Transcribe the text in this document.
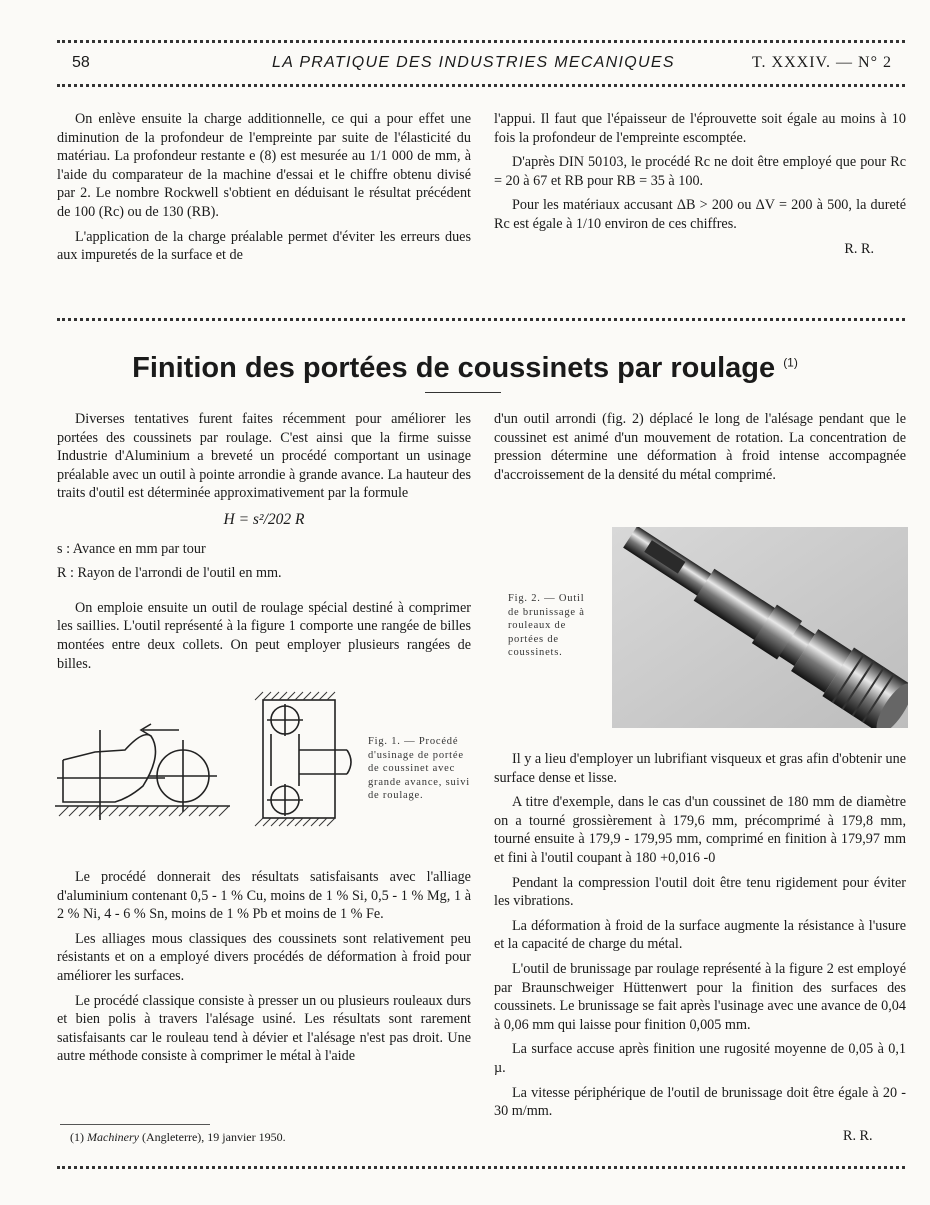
58	LA PRATIQUE DES INDUSTRIES MECANIQUES	T. XXXIV. — N° 2

On enlève ensuite la charge additionnelle, ce qui a pour effet une diminution de la profondeur de l'empreinte par suite de l'élasticité du matériau. La profondeur restante e (8) est mesurée au 1/1 000 de mm, à l'aide du comparateur de la machine d'essai et le chiffre obtenu divisé par 2. Le nombre Rockwell s'obtient en déduisant le résultat précédent de 100 (Rc) ou de 130 (RB).

L'application de la charge préalable permet d'éviter les erreurs dues aux impuretés de la surface et de

l'appui. Il faut que l'épaisseur de l'éprouvette soit égale au moins à 10 fois la profondeur de l'empreinte escomptée.

D'après DIN 50103, le procédé Rc ne doit être employé que pour Rc = 20 à 67 et RB pour RB = 35 à 100.

Pour les matériaux accusant ΔB > 200 ou ΔV = 200 à 500, la dureté Rc est égale à 1/10 environ de ces chiffres.

R. R.
Finition des portées de coussinets par roulage $^{(1)}$

Diverses tentatives furent faites récemment pour améliorer les portées des coussinets par roulage. C'est ainsi que la firme suisse Industrie d'Aluminium a breveté un procédé comportant un usinage préalable avec un outil à pointe arrondie à grande avance. La hauteur des traits d'outil est déterminée approximativement par la formule

H = s²/202 R

s : Avance en mm par tour

R : Rayon de l'arrondi de l'outil en mm.

On emploie ensuite un outil de roulage spécial destiné à comprimer les saillies. L'outil représenté à la figure 1 comporte une rangée de billes montées entre deux collets. On peut employer plusieurs rangées de billes.

Fig. 1. — Procédé d'usinage de portée de coussinet avec grande avance, suivi de roulage.

Le procédé donnerait des résultats satisfaisants avec l'alliage d'aluminium contenant 0,5 - 1 % Cu, moins de 1 % Si, 0,5 - 1 % Mg, 1 à 2 % Ni, 4 - 6 % Sn, moins de 1 % Pb et moins de 1 % Fe.

Les alliages mous classiques des coussinets sont relativement peu résistants et on a employé divers procédés de déformation à froid pour améliorer les surfaces.

Le procédé classique consiste à presser un ou plusieurs rouleaux durs et bien polis à travers l'alésage usiné. Les résultats sont rarement satisfaisants car le rouleau tend à dévier et l'alésage n'est pas droit. Une autre méthode consiste à comprimer le métal à l'aide

d'un outil arrondi (fig. 2) déplacé le long de l'alésage pendant que le coussinet est animé d'un mouvement de rotation. La concentration de pression détermine une déformation à froid intense accompagnée d'accroissement de la densité du métal comprimé.

Fig. 2. — Outil de brunissage à rouleaux de portées de coussinets.

Il y a lieu d'employer un lubrifiant visqueux et gras afin d'obtenir une surface dense et lisse.

A titre d'exemple, dans le cas d'un coussinet de 180 mm de diamètre on a tourné grossièrement à 179,6 mm, précomprimé à 179,8 mm, tourné ensuite à 179,9 - 179,95 mm, comprimé en finition à 179,97 mm et fini à l'outil coupant à 180 +0,016 -0

Pendant la compression l'outil doit être tenu rigidement pour éviter les vibrations.

La déformation à froid de la surface augmente la résistance à l'usure et la capacité de charge du métal.

L'outil de brunissage par roulage représenté à la figure 2 est employé par Braunschweiger Hüttenwert pour la finition des surfaces des coussinets. Le brunissage se fait après l'usinage avec une avance de 0,04 à 0,06 mm qui laisse pour finition 0,005 mm.

La surface accuse après finition une rugosité moyenne de 0,05 à 0,1 µ.

La vitesse périphérique de l'outil de brunissage doit être égale à 20 - 30 m/mm.

R. R.
(1) Machinery (Angleterre), 19 janvier 1950.
